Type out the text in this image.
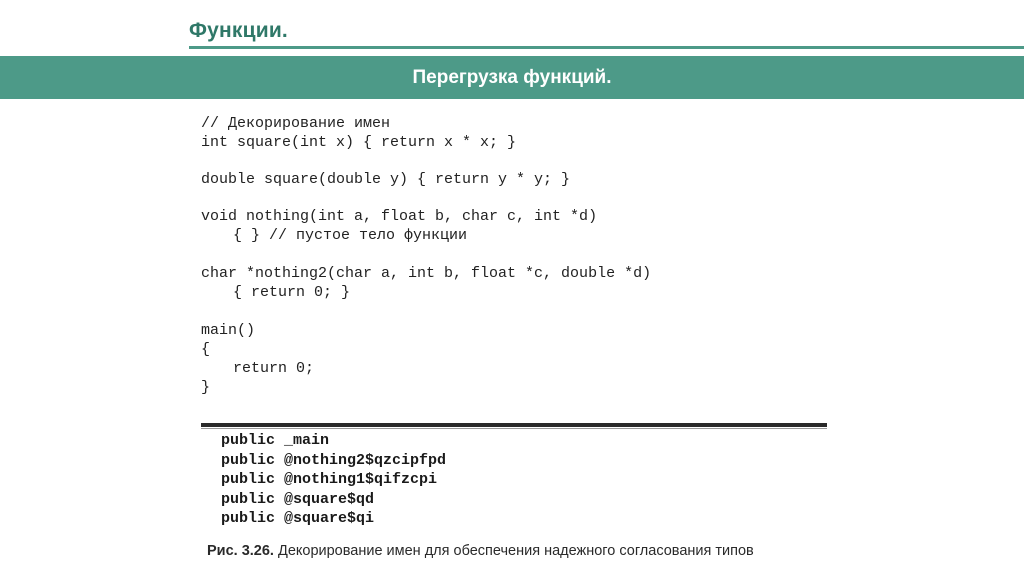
Функции.
Перегрузка функций.
// Декорирование имен
int square(int x) { return x * x; }
double square(double y) { return y * y; }
void nothing(int a, float b, char c, int *d)
{ } // пустое тело функции
char *nothing2(char a, int b, float *c, double *d)
{ return 0; }
main()
{
return 0;
}
public _main
public @nothing2$qzcipfpd
public @nothing1$qifzcpi
public @square$qd
public @square$qi
Рис. 3.26. Декорирование имен для обеспечения надежного согласования типов
